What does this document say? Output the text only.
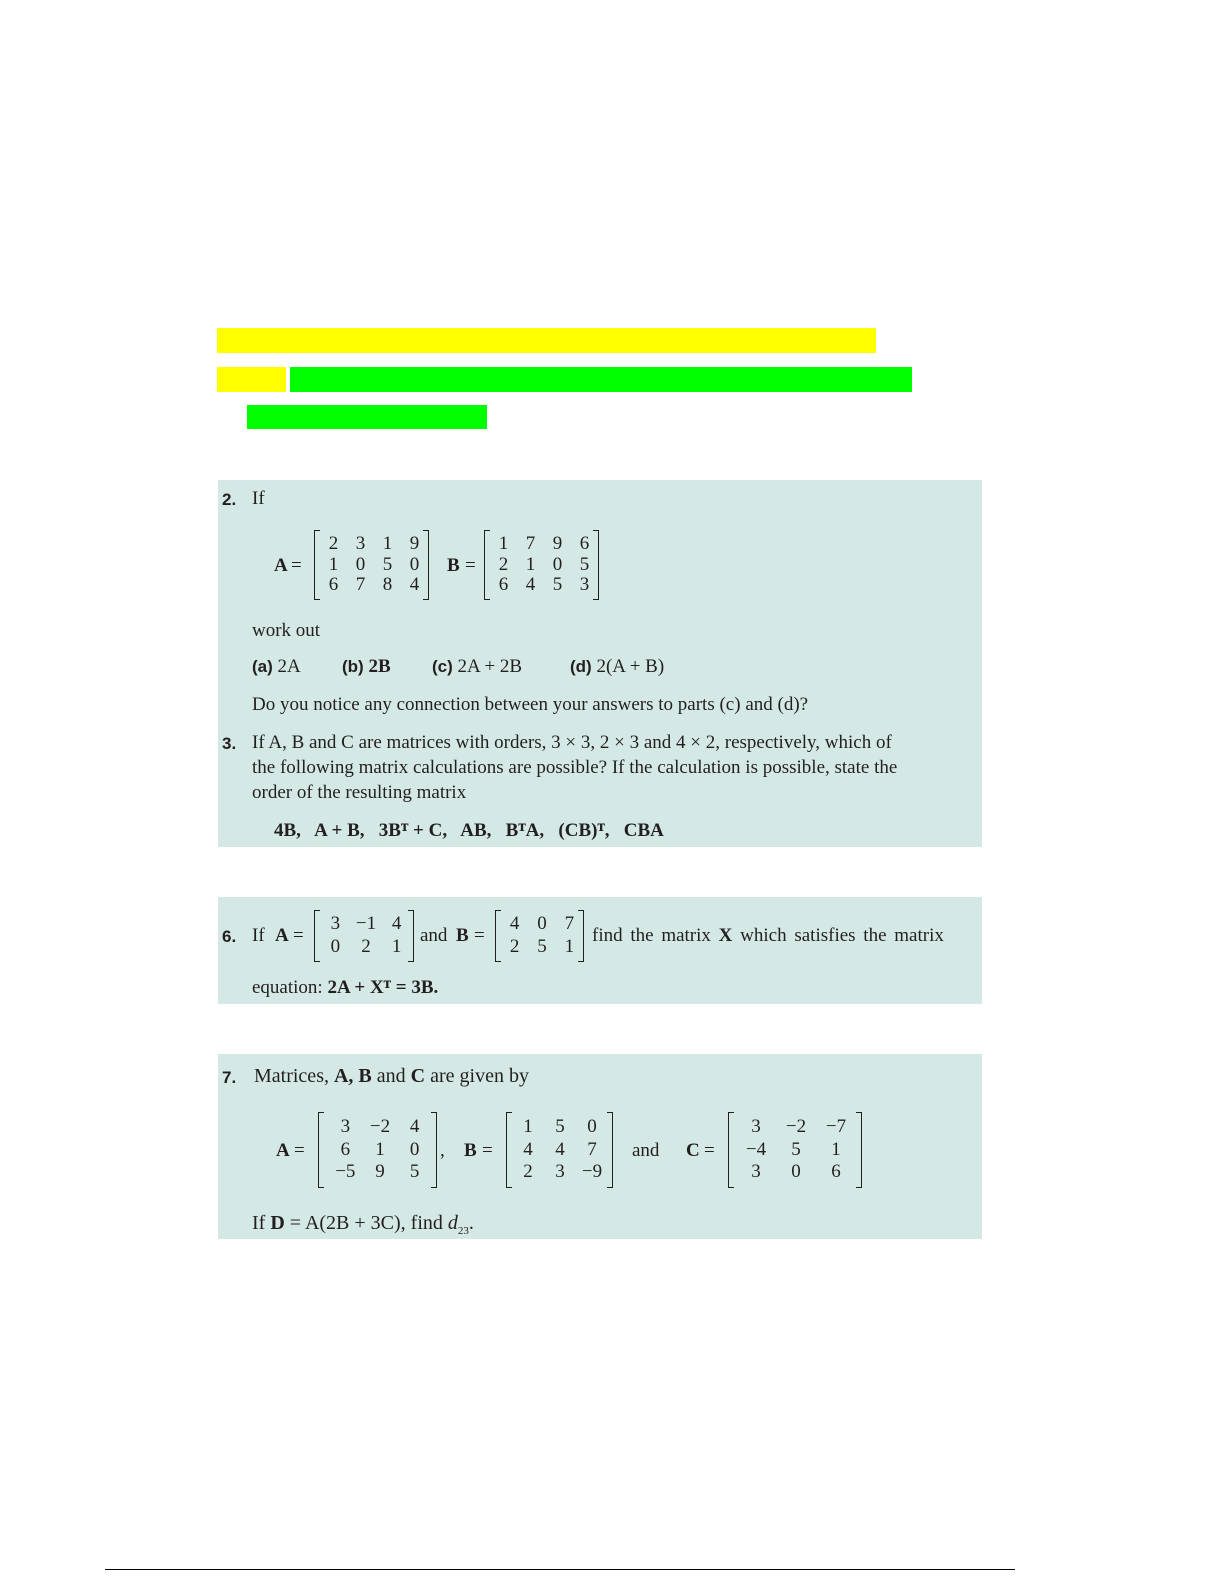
2. If
A =
2 3 1 9
1 0 5 0
6 7 8 4
B =
1 7 9 6
2 1 0 5
6 4 5 3
work out
(a) 2A (b) 2B (c) 2A + 2B	(d) 2(A + B)
Do you notice any connection between your answers to parts (c) and (d)?
3. If A, B and C are matrices with orders, 3 × 3, 2 × 3 and 4 × 2, respectively, which of
the following matrix calculations are possible? If the calculation is possible, state the
order of the resulting matrix
4B,   A + B,   3Bᵀ + C,   AB,   BᵀA,   (CB)ᵀ,   CBA
6. If A =
3 −1 4
0	2	1
and B =
4 0 7
2 5 1
find the matrix X which satisfies the matrix
equation: 2A + Xᵀ = 3B.
7. Matrices, A, B and C are given by
A =
3	−2	4
6	1	0
−5	9	5
, B =
1	5	0
4	4	7
2	3 −9
and C =
3	−2	−7
−4	5	1
3	0	6
If D = A(2B + 3C), find $d_{23}$.
